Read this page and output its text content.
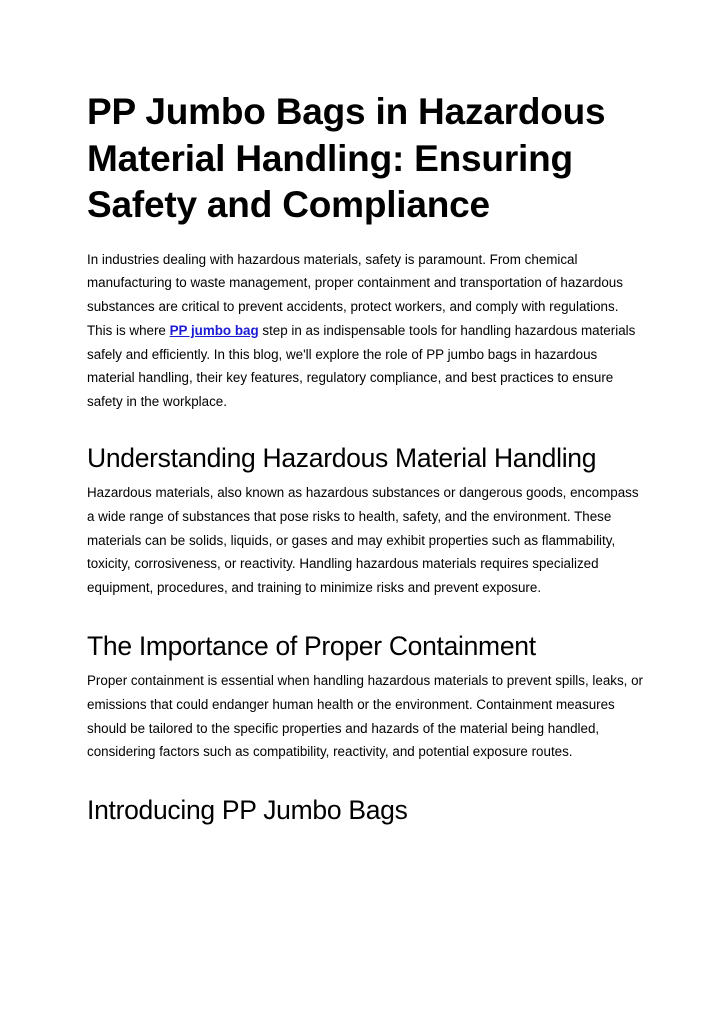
PP Jumbo Bags in Hazardous Material Handling: Ensuring Safety and Compliance

In industries dealing with hazardous materials, safety is paramount. From chemical manufacturing to waste management, proper containment and transportation of hazardous substances are critical to prevent accidents, protect workers, and comply with regulations. This is where PP jumbo bag step in as indispensable tools for handling hazardous materials safely and efficiently. In this blog, we'll explore the role of PP jumbo bags in hazardous material handling, their key features, regulatory compliance, and best practices to ensure safety in the workplace.

Understanding Hazardous Material Handling

Hazardous materials, also known as hazardous substances or dangerous goods, encompass a wide range of substances that pose risks to health, safety, and the environment. These materials can be solids, liquids, or gases and may exhibit properties such as flammability, toxicity, corrosiveness, or reactivity. Handling hazardous materials requires specialized equipment, procedures, and training to minimize risks and prevent exposure.

The Importance of Proper Containment

Proper containment is essential when handling hazardous materials to prevent spills, leaks, or emissions that could endanger human health or the environment. Containment measures should be tailored to the specific properties and hazards of the material being handled, considering factors such as compatibility, reactivity, and potential exposure routes.

Introducing PP Jumbo Bags
